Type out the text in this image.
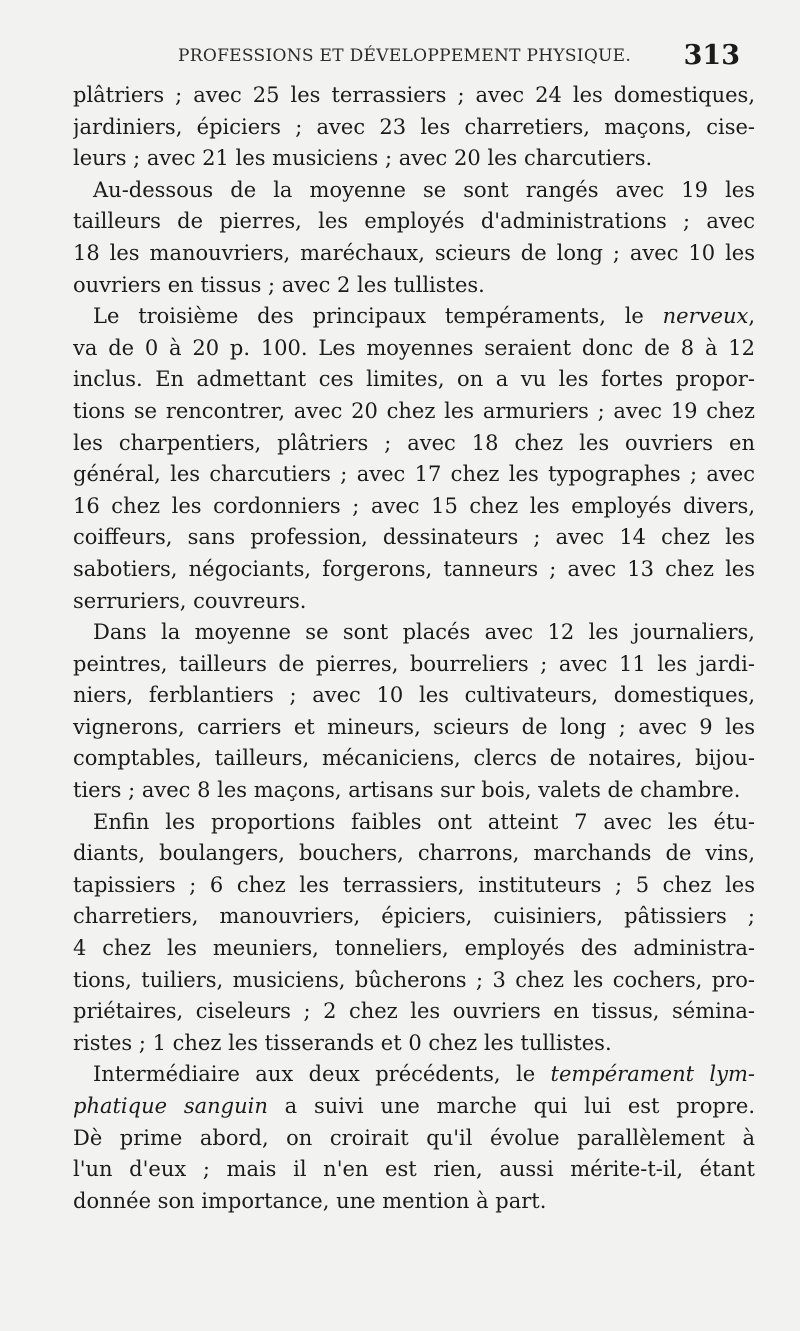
PROFESSIONS ET DÉVELOPPEMENT PHYSIQUE. 313
plâtriers ; avec 25 les terrassiers ; avec 24 les domestiques,
jardiniers, épiciers ; avec 23 les charretiers, maçons, cise-
leurs ; avec 21 les musiciens ; avec 20 les charcutiers.
Au-dessous de la moyenne se sont rangés avec 19 les
tailleurs de pierres, les employés d'administrations ; avec
18 les manouvriers, maréchaux, scieurs de long ; avec 10 les
ouvriers en tissus ; avec 2 les tullistes.
Le troisième des principaux tempéraments, le nerveux,
va de 0 à 20 p. 100. Les moyennes seraient donc de 8 à 12
inclus. En admettant ces limites, on a vu les fortes propor-
tions se rencontrer, avec 20 chez les armuriers ; avec 19 chez
les charpentiers, plâtriers ; avec 18 chez les ouvriers en
général, les charcutiers ; avec 17 chez les typographes ; avec
16 chez les cordonniers ; avec 15 chez les employés divers,
coiffeurs, sans profession, dessinateurs ; avec 14 chez les
sabotiers, négociants, forgerons, tanneurs ; avec 13 chez les
serruriers, couvreurs.
Dans la moyenne se sont placés avec 12 les journaliers,
peintres, tailleurs de pierres, bourreliers ; avec 11 les jardi-
niers, ferblantiers ; avec 10 les cultivateurs, domestiques,
vignerons, carriers et mineurs, scieurs de long ; avec 9 les
comptables, tailleurs, mécaniciens, clercs de notaires, bijou-
tiers ; avec 8 les maçons, artisans sur bois, valets de chambre.
Enfin les proportions faibles ont atteint 7 avec les étu-
diants, boulangers, bouchers, charrons, marchands de vins,
tapissiers ; 6 chez les terrassiers, instituteurs ; 5 chez les
charretiers, manouvriers, épiciers, cuisiniers, pâtissiers ;
4 chez les meuniers, tonneliers, employés des administra-
tions, tuiliers, musiciens, bûcherons ; 3 chez les cochers, pro-
priétaires, ciseleurs ; 2 chez les ouvriers en tissus, sémina-
ristes ; 1 chez les tisserands et 0 chez les tullistes.
Intermédiaire aux deux précédents, le tempérament lym-
phatique sanguin a suivi une marche qui lui est propre.
Dè prime abord, on croirait qu'il évolue parallèlement à
l'un d'eux ; mais il n'en est rien, aussi mérite-t-il, étant
donnée son importance, une mention à part.
